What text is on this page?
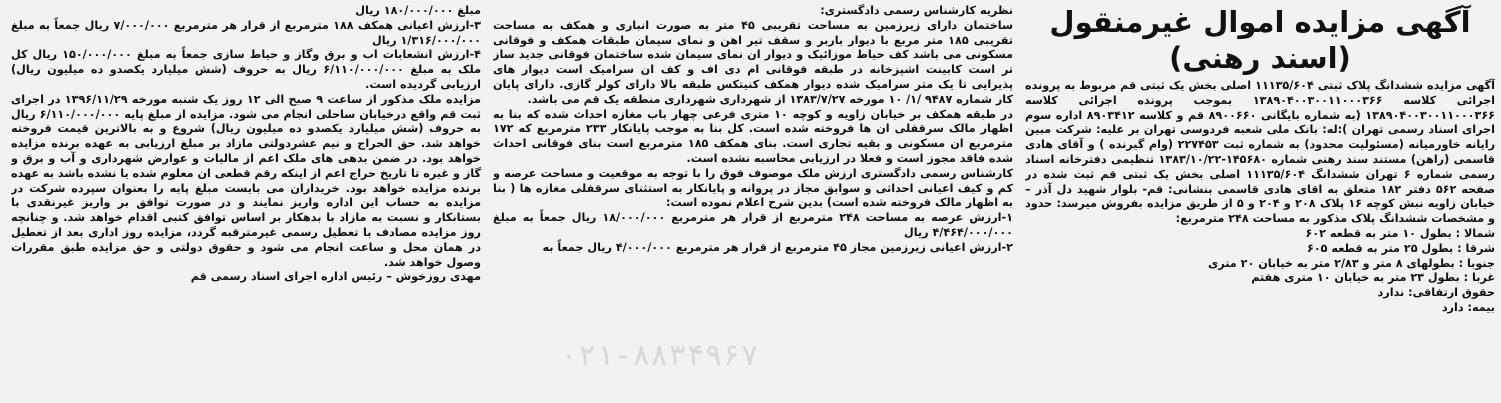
آگهی مزایده اموال غیرمنقول (اسند رهنی)

آگهی مزایده ششدانگ پلاک ثبتی ۱۱۱۳۵/۶۰۴ اصلی بخش یک ثبتی قم مربوط به پرونده اجرائی کلاسه ۱۳۸۹۰۴۰۰۳۰۰۱۱۰۰۰۳۶۶ بموجب پرونده اجرائی کلاسه ۱۳۸۹۰۴۰۰۳۰۰۱۱۰۰۰۳۶۶ (به شماره بایگانی ۸۹۰۰۶۶۰ قم و کلاسه ۸۹۰۳۴۱۲ اداره سوم اجرای اسناد رسمی تهران ):له: بانک ملی شعبه فردوسی تهران بر علیه: شرکت مبین رایانه خاورمیانه (مسئولیت محدود) به شماره ثبت ۲۲۷۴۵۳ (وام گیرنده ) و آقای هادی قاسمی (راهن) مستند سند رهنی شماره ۱۴۵۶۸۰-۱۳۸۳/۱۰/۲۲ تنظیمی دفترخانه اسناد رسمی شماره ۶ تهران ششدانگ ۱۱۱۳۵/۶۰۴ اصلی بخش یک ثبتی قم ثبت شده در صفحه ۵۶۲ دفتر ۱۸۲ متعلق به اقای هادی قاسمی بنشانی: قم- بلوار شهید دل آذر – خیابان زاویه نبش کوچه ۱۶ پلاک ۲۰۸ و ۲۰۴ و ۵ از طریق مزایده بفروش میرسد: حدود و مشخصات ششدانگ پلاک مذکور به مساحت ۲۴۸ مترمربع:

شمالا : بطول ۱۰ متر به قطعه ۶۰۲

شرقا : بطول ۲۵ متر به قطعه ۶۰۵

جنوبا : بطولهای ۸ متر و ۲/۸۳ متر به خیابان ۲۰ متری

غربا : بطول ۲۳ متر به خیابان ۱۰ متری هفتم

حقوق ارتفاقی: ندارد

بیمه: دارد

نظریه کارشناس رسمی دادگستری:

ساختمان دارای زیرزمین به مساحت تقریبی ۴۵ متر به صورت انباری و همکف به مساحت تقریبی ۱۸۵ متر مربع با دیوار باربر و سقف تیر اهن و نمای سیمان طبقات همکف و فوقانی مسکونی می باشد کف حیاط موزائیک و دیوار ان نمای سیمان شده ساختمان فوقانی جدید ساز تر است کابینت اشپزخانه در طبقه فوقانی ام دی اف و کف ان سرامیک است دیوار های پذیرایی تا یک متر سرامیک شده دیوار همکف کنیتکس طبقه بالا دارای کولر گازی. دارای پایان کار شماره ۹۴۸۷ /۱/ ۱۰ مورخه ۱۳۸۳/۷/۲۷ از شهرداری شهرداری منطقه یک قم می باشد.

در طبقه همکف بر خیابان زاویه و کوچه ۱۰ متری فرعی چهار باب مغازه احداث شده که بنا به اظهار مالک سرقفلی ان ها فروخته شده است. کل بنا به موجب پایانکار ۲۳۳ مترمربع که ۱۷۲ مترمربع ان مسکونی و بقیه تجاری است. بنای همکف ۱۸۵ مترمربع است بنای فوقانی احداث شده فاقد مجوز است و فعلا در ارزیابی محاسبه نشده است.

کارشناس رسمی دادگستری ارزش ملک موصوف فوق را با توجه به موقعیت و مساحت عرصه و کم و کیف اعیانی احداثی و سوابق مجاز در پروانه و پایانکار به استثنای سرقفلی مغازه ها ( بنا به اظهار مالک فروخته شده است) بدین شرح اعلام نموده است:

۱-ارزش عرصه به مساحت ۲۴۸ مترمربع از قرار هر مترمربع ۱۸/۰۰۰/۰۰۰ ریال جمعاً به مبلغ ۴/۴۶۴/۰۰۰/۰۰۰ ریال

۲-ارزش اعیانی زیرزمین مجاز ۴۵ مترمربع از قرار هر مترمربع ۴/۰۰۰/۰۰۰ ریال جمعاً به

مبلغ ۱۸۰/۰۰۰/۰۰۰ ریال

۳-ارزش اعیانی همکف ۱۸۸ مترمربع از قرار هر مترمربع ۷/۰۰۰/۰۰۰ ریال جمعاً به مبلغ ۱/۳۱۶/۰۰۰/۰۰۰ ریال

۴-ارزش انشعابات اب و برق وگاز و حیاط سازی جمعاً به مبلغ ۱۵۰/۰۰۰/۰۰۰ ریال کل ملک به مبلغ ۶/۱۱۰/۰۰۰/۰۰۰ ریال به حروف (شش میلیارد یکصدو ده میلیون ریال) ارزیابی گردیده است.

مزایده ملک مذکور از ساعت ۹ صبح الی ۱۲ روز یک شنبه مورخه ۱۳۹۶/۱۱/۲۹ در اجرای ثبت قم واقع درخیابان ساحلی انجام می شود. مزایده از مبلغ پایه ۶/۱۱۰/۰۰۰/۰۰۰ ریال به حروف (شش میلیارد یکصدو ده میلیون ریال) شروع و به بالاترین قیمت فروخته خواهد شد. حق الحراج و نیم عشردولتی مازاد بر مبلغ ارزیابی به عهده برنده مزایده خواهد بود. در ضمن بدهی های ملک اعم از مالیات و عوارض شهرداری و آب و برق و گاز و غیره تا تاریخ حراج اعم از اینکه رقم قطعی ان معلوم شده یا نشده باشد به عهده برنده مزایده خواهد بود. خریداران می بایست مبلغ پایه را بعنوان سپرده شرکت در مزایده به حساب این اداره واریز نمایند و در صورت توافق بر واریز غیرنقدی با بستانکار و نسبت به مازاد با بدهکار بر اساس توافق کتبی اقدام خواهد شد. و چنانچه روز مزایده مصادف با تعطیل رسمی غیرمترقبه گردد، مزایده روز اداری بعد از تعطیل در همان محل و ساعت انجام می شود و حقوق دولتی و حق مزایده طبق مقررات وصول خواهد شد.

مهدی روزخوش – رئیس اداره اجرای اسناد رسمی قم

۰۲۱-۸۸۳۴۹۶۷
